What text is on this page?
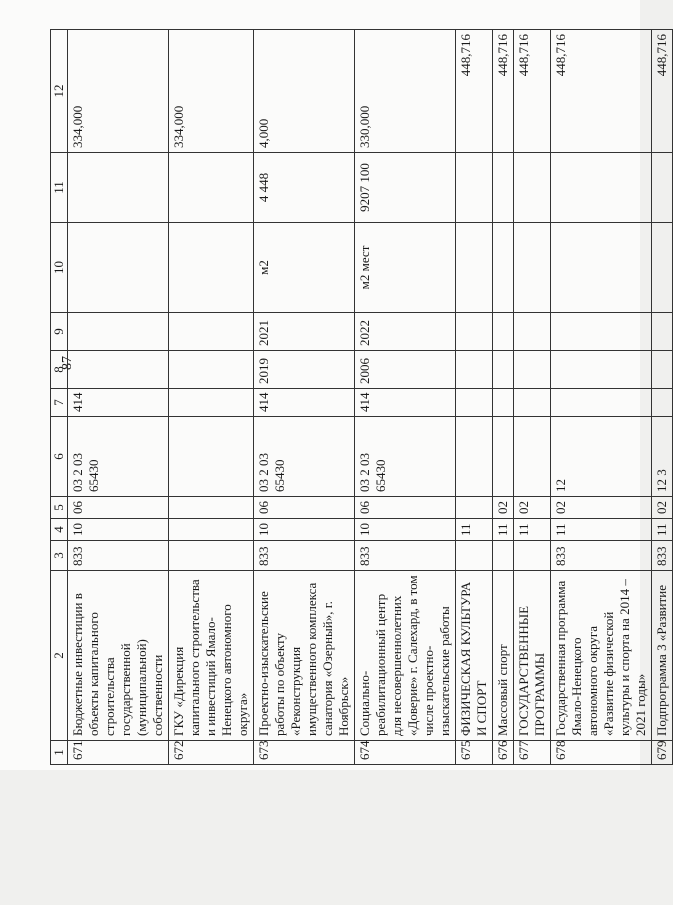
87
1	2	3	4	5	6	7	8	9	10	11	12
671	Бюджетные инвестиции в объекты капитального строительства государственной (муниципальной) собственности	833	10	06	03 2 03 65430	414					334,000
672	ГКУ «Дирекция капитального строительства и инвестиций Ямало-Ненецкого автономного округа»										334,000
673	Проектно-изыскательские работы по объекту «Реконструкция имущественного комплекса санатория «Озерный», г. Ноябрьск»	833	10	06	03 2 03 65430	414	2019	2021	м2	4 448	4,000
674	Социально-реабилитационный центр для несовершеннолетних «Доверие» г. Салехард, в том числе проектно-изыскательские работы	833	10	06	03 2 03 65430	414	2006	2022	м2 мест	9207 100	330,000
675	ФИЗИЧЕСКАЯ КУЛЬТУРА И СПОРТ		11								448,716
676	Массовый спорт		11	02							448,716
677	ГОСУДАРСТВЕННЫЕ ПРОГРАММЫ		11	02							448,716
678	Государственная программа Ямало-Ненецкого автономного округа «Развитие физической культуры и спорта на 2014 – 2021 годы»	833	11	02	12						448,716
679	Подпрограмма 3 «Развитие	833	11	02	12 3						448,716
